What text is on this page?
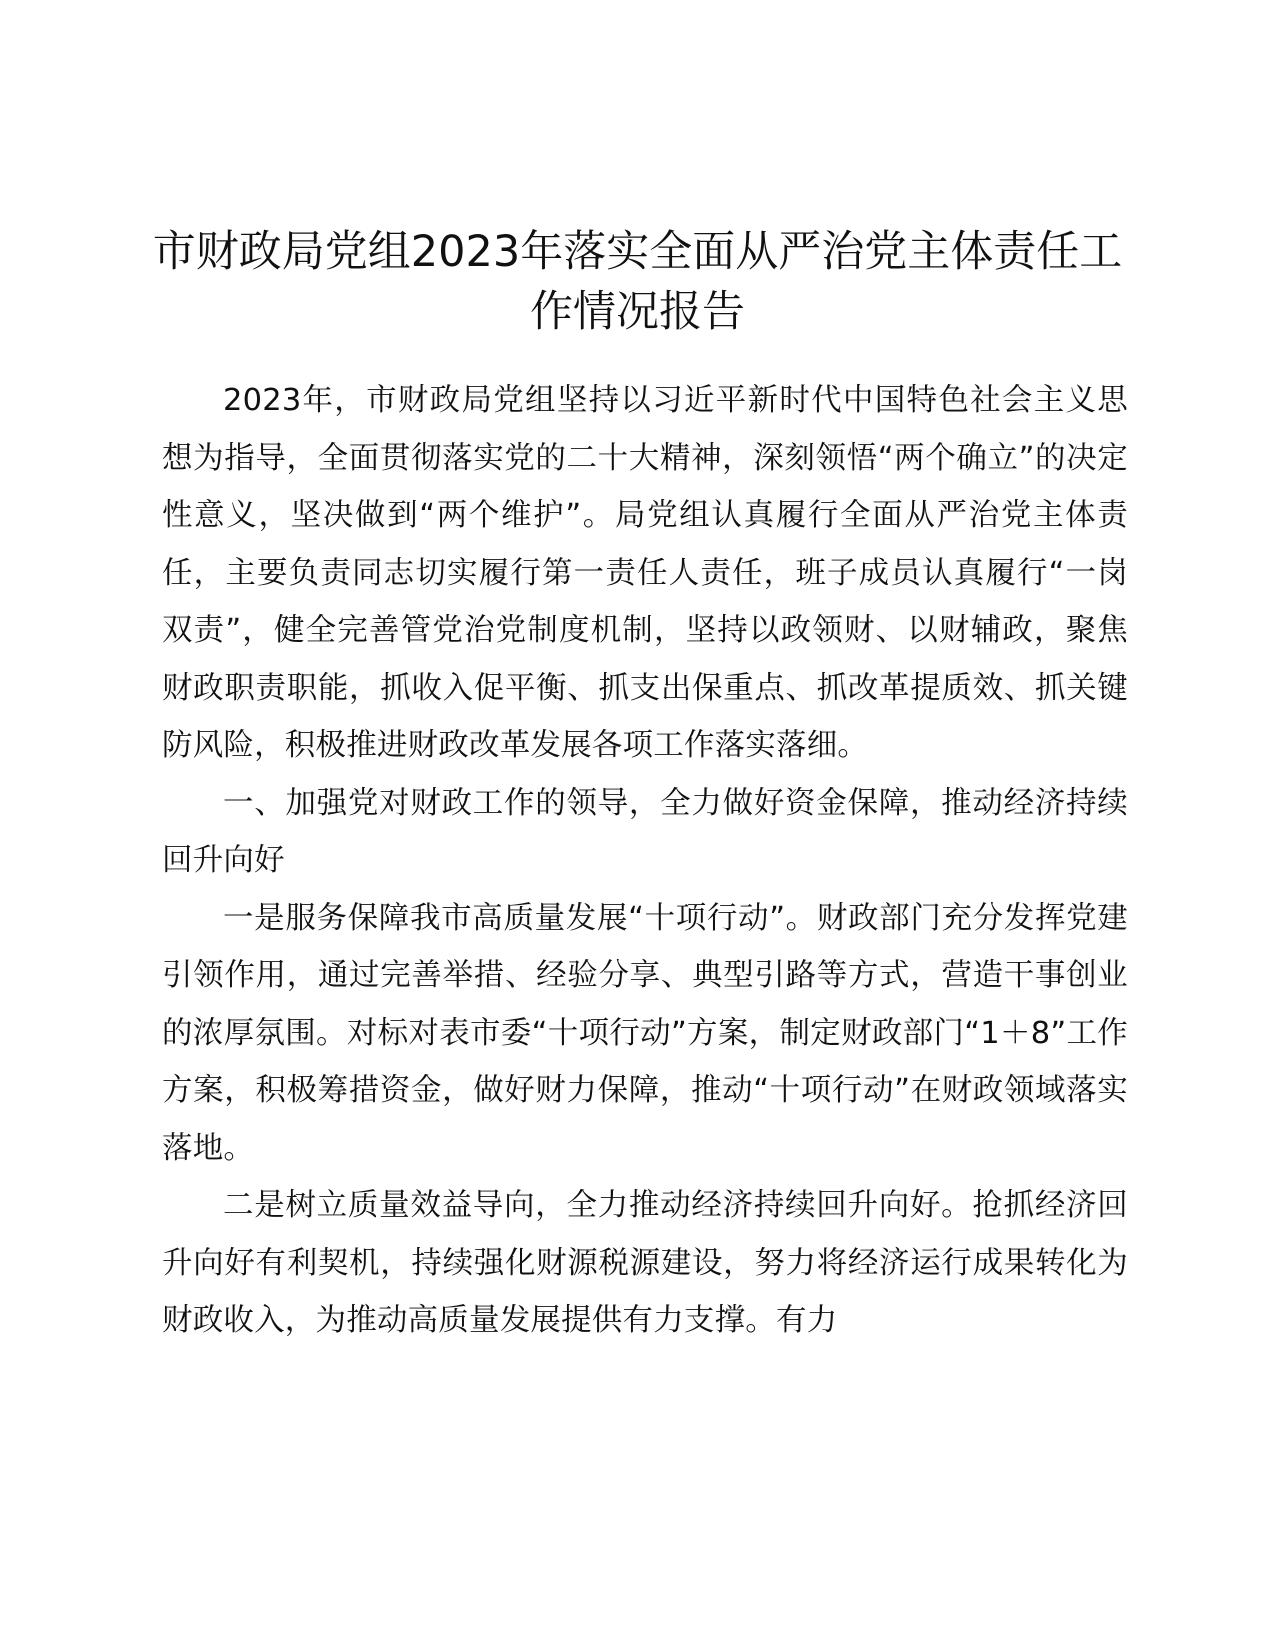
市财政局党组2023年落实全面从严治党主体责任工作情况报告

2023年，市财政局党组坚持以习近平新时代中国特色社会主义思想为指导，全面贯彻落实党的二十大精神，深刻领悟“两个确立”的决定性意义，坚决做到“两个维护”。局党组认真履行全面从严治党主体责任，主要负责同志切实履行第一责任人责任，班子成员认真履行“一岗双责”，健全完善管党治党制度机制，坚持以政领财、以财辅政，聚焦财政职责职能，抓收入促平衡、抓支出保重点、抓改革提质效、抓关键防风险，积极推进财政改革发展各项工作落实落细。

一、加强党对财政工作的领导，全力做好资金保障，推动经济持续回升向好

一是服务保障我市高质量发展“十项行动”。财政部门充分发挥党建引领作用，通过完善举措、经验分享、典型引路等方式，营造干事创业的浓厚氛围。对标对表市委“十项行动”方案，制定财政部门“1＋8”工作方案，积极筹措资金，做好财力保障，推动“十项行动”在财政领域落实落地。

二是树立质量效益导向，全力推动经济持续回升向好。抢抓经济回升向好有利契机，持续强化财源税源建设，努力将经济运行成果转化为财政收入，为推动高质量发展提供有力支撑。有力
